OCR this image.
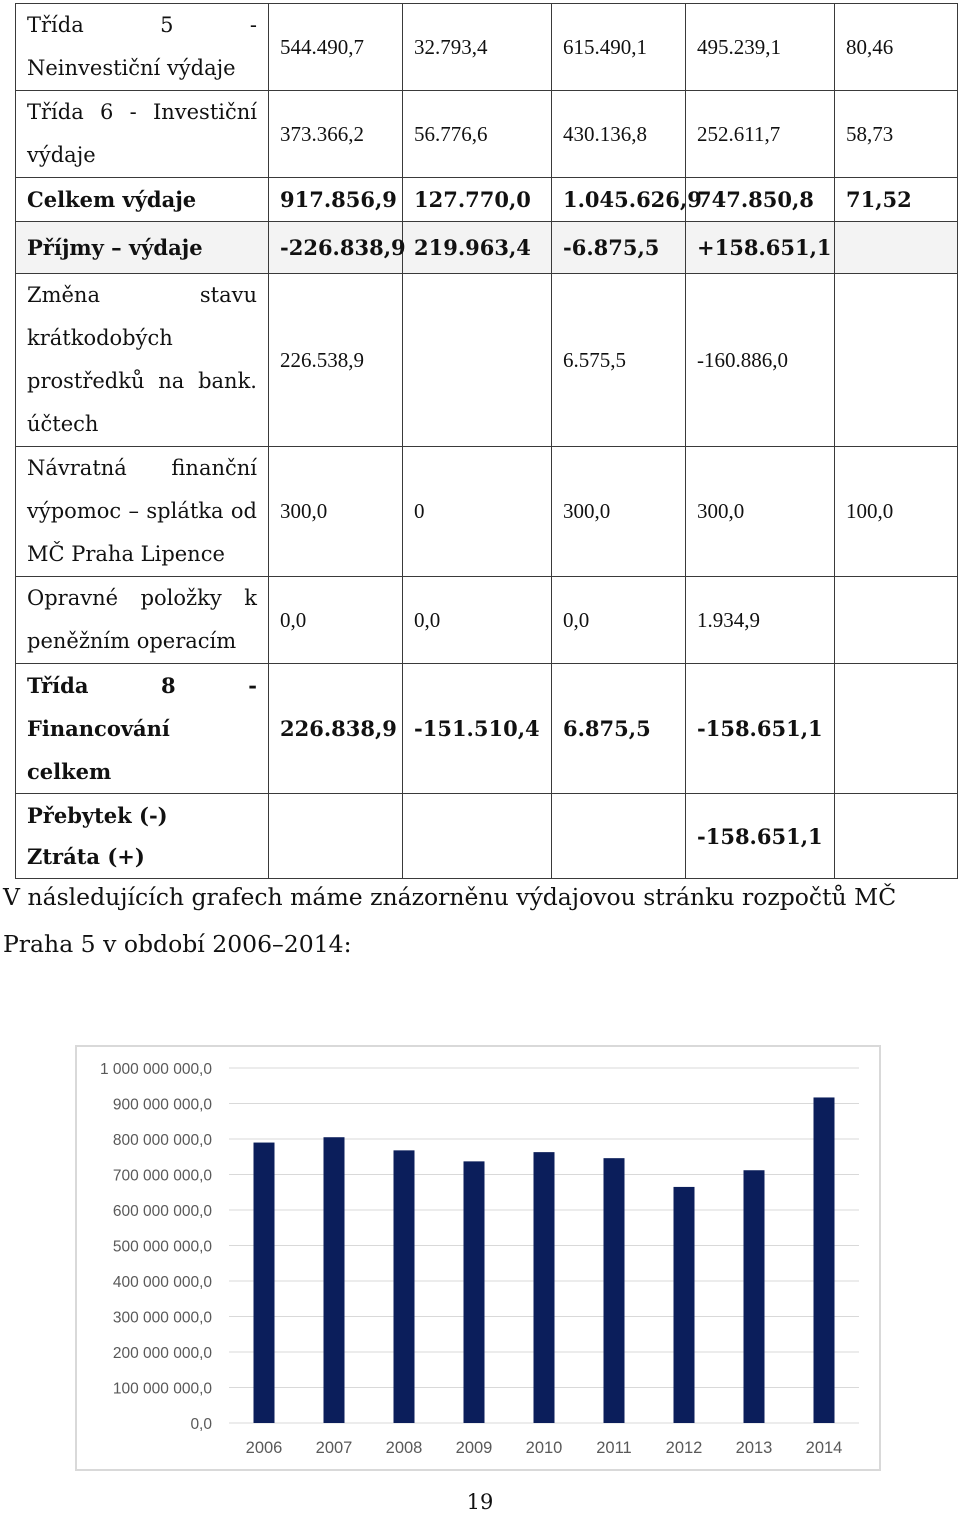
Třída 5 - Neinvestiční výdaje	544.490,7	32.793,4	615.490,1	495.239,1	80,46
Třída 6 - Investiční výdaje	373.366,2	56.776,6	430.136,8	252.611,7	58,73
Celkem výdaje	917.856,9	127.770,0	1.045.626,9	747.850,8	71,52
Příjmy – výdaje	-226.838,9	219.963,4	-6.875,5	+158.651,1	
Změna stavu krátkodobých prostředků na bank. účtech	226.538,9		6.575,5	-160.886,0	
Návratná finanční výpomoc – splátka od MČ Praha Lipence	300,0	0	300,0	300,0	100,0
Opravné položky k peněžním operacím	0,0	0,0	0,0	1.934,9	
Třída 8 - Financování celkem	226.838,9	-151.510,4	6.875,5	-158.651,1	
Přebytek (-)
Ztráta (+)				-158.651,1	

V následujících grafech máme znázorněnu výdajovou stránku rozpočtů MČ Praha 5 v období 2006–2014:

0,0
100 000 000,0
200 000 000,0
300 000 000,0
400 000 000,0
500 000 000,0
600 000 000,0
700 000 000,0
800 000 000,0
900 000 000,0
1 000 000 000,0
2006 2007 2008 2009 2010 2011 2012 2013 2014
19
